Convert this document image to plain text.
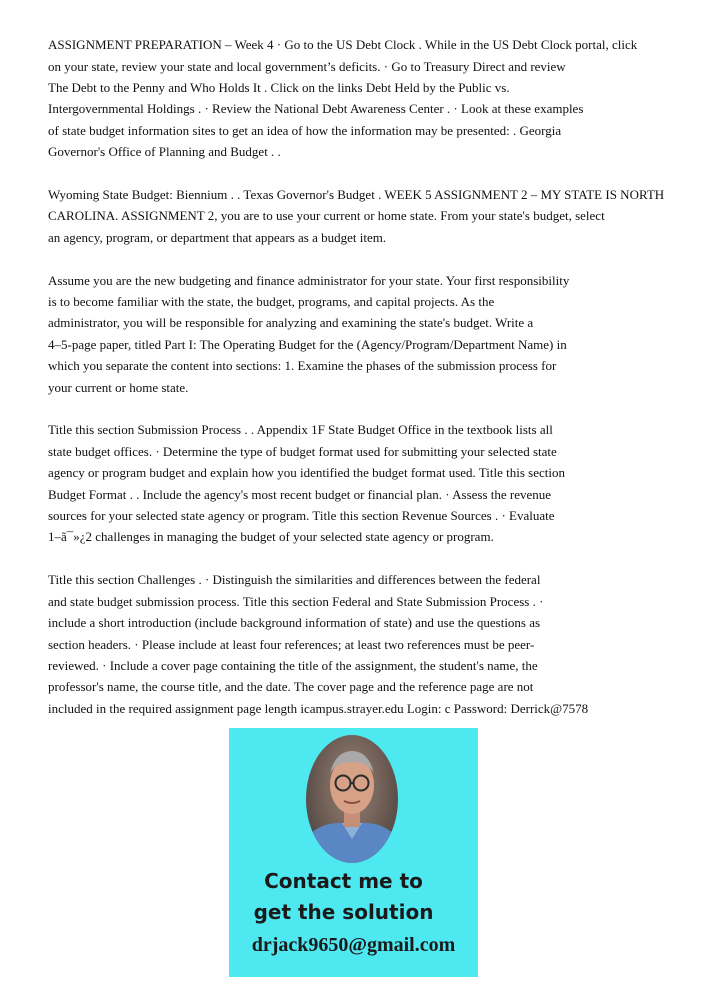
ASSIGNMENT PREPARATION – Week 4 · Go to the US Debt Clock . While in the US Debt Clock portal, click
on your state, review your state and local government’s deficits. · Go to Treasury Direct and review
The Debt to the Penny and Who Holds It . Click on the links Debt Held by the Public vs.
Intergovernmental Holdings . · Review the National Debt Awareness Center . · Look at these examples
of state budget information sites to get an idea of how the information may be presented: . Georgia
Governor's Office of Planning and Budget . .
Wyoming State Budget: Biennium . . Texas Governor's Budget . WEEK 5 ASSIGNMENT 2 – MY STATE IS NORTH
CAROLINA. ASSIGNMENT 2, you are to use your current or home state. From your state's budget, select
an agency, program, or department that appears as a budget item.
Assume you are the new budgeting and finance administrator for your state. Your first responsibility
is to become familiar with the state, the budget, programs, and capital projects. As the
administrator, you will be responsible for analyzing and examining the state's budget. Write a
4–5-page paper, titled Part I: The Operating Budget for the (Agency/Program/Department Name) in
which you separate the content into sections: 1. Examine the phases of the submission process for
your current or home state.
Title this section Submission Process . . Appendix 1F State Budget Office in the textbook lists all
state budget offices. · Determine the type of budget format used for submitting your selected state
agency or program budget and explain how you identified the budget format used. Title this section
Budget Format . . Include the agency's most recent budget or financial plan. · Assess the revenue
sources for your selected state agency or program. Title this section Revenue Sources . · Evaluate
1–ã¯»¿2 challenges in managing the budget of your selected state agency or program.
Title this section Challenges . · Distinguish the similarities and differences between the federal
and state budget submission process. Title this section Federal and State Submission Process . ·
include a short introduction (include background information of state) and use the questions as
section headers. · Please include at least four references; at least two references must be peer-
reviewed. · Include a cover page containing the title of the assignment, the student's name, the
professor's name, the course title, and the date. The cover page and the reference page are not
included in the required assignment page length icampus.strayer.edu Login: c Password: Derrick@7578
Contact me to
get the solution
drjack9650@gmail.com
